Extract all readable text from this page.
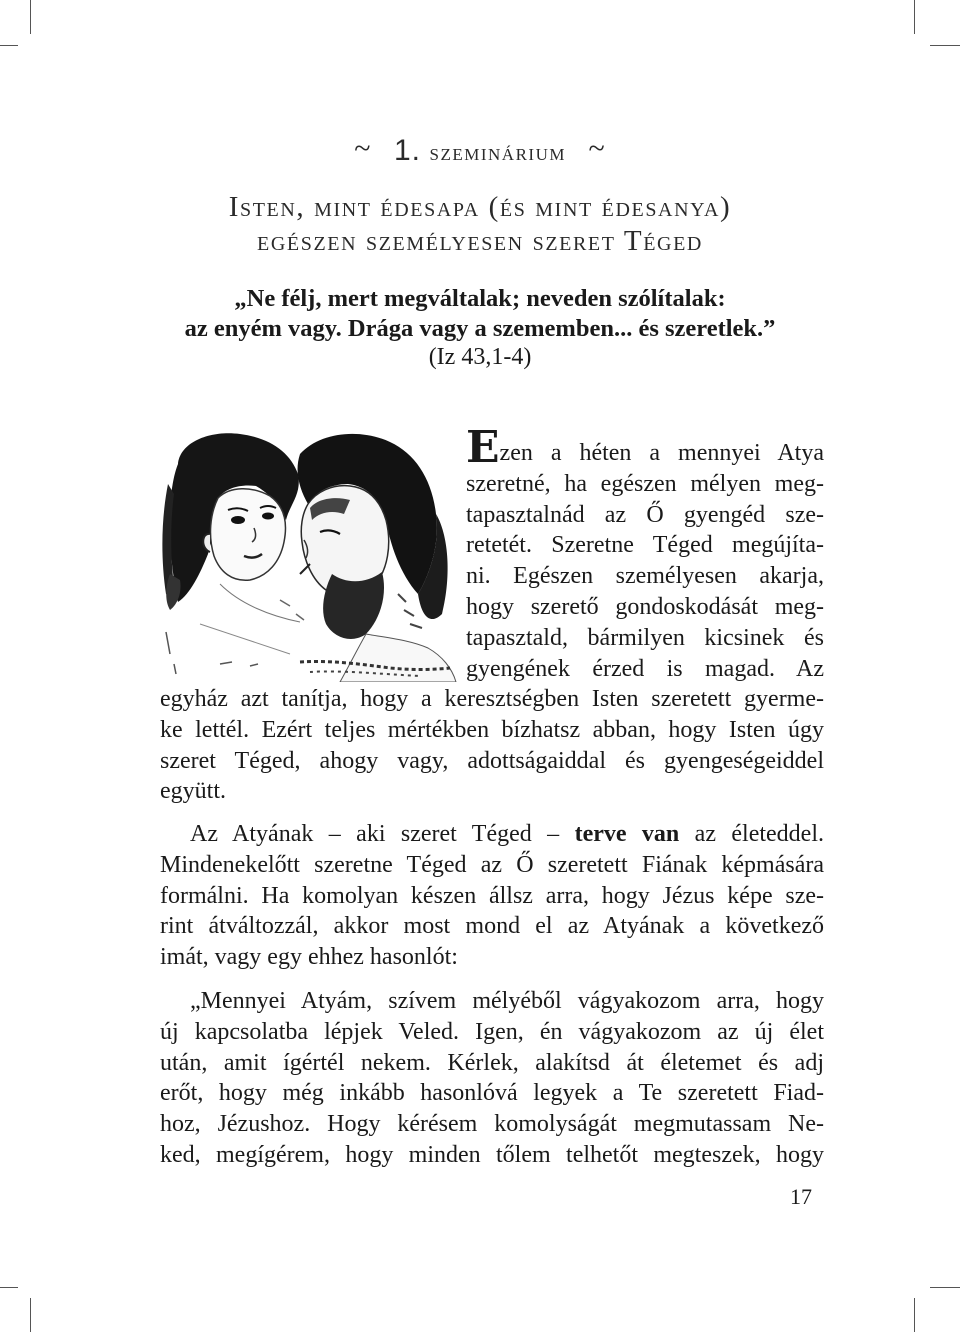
~ 1. szeminárium ~
Isten, mint édesapa (és mint édesanya)
egészen személyesen szeret Téged
„Ne félj, mert megváltalak; neveden szólítalak:
az enyém vagy. Drága vagy a szememben... és szeretlek.”
(Iz 43,1-4)
Ezen a héten a mennyei Atya
szeretné, ha egészen mélyen meg-
tapasztalnád az Ő gyengéd sze-
retetét. Szeretne Téged megújíta-
ni. Egészen személyesen akarja,
hogy szerető gondoskodását meg-
tapasztald, bármilyen kicsinek és
gyengének érzed is magad. Az
egyház azt tanítja, hogy a keresztségben Isten szeretett gyerme-
ke lettél. Ezért teljes mértékben bízhatsz abban, hogy Isten úgy
szeret Téged, ahogy vagy, adottságaiddal és gyengeségeiddel
együtt.
Az Atyának – aki szeret Téged – terve van az életeddel.
Mindenekelőtt szeretne Téged az Ő szeretett Fiának képmására
formálni. Ha komolyan készen állsz arra, hogy Jézus képe sze-
rint átváltozzál, akkor most mond el az Atyának a következő
imát, vagy egy ehhez hasonlót:
„Mennyei Atyám, szívem mélyéből vágyakozom arra, hogy
új kapcsolatba lépjek Veled. Igen, én vágyakozom az új élet
után, amit ígértél nekem. Kérlek, alakítsd át életemet és adj
erőt, hogy még inkább hasonlóvá legyek a Te szeretett Fiad-
hoz, Jézushoz. Hogy kérésem komolyságát megmutassam Ne-
ked, megígérem, hogy minden tőlem telhetőt megteszek, hogy
17
